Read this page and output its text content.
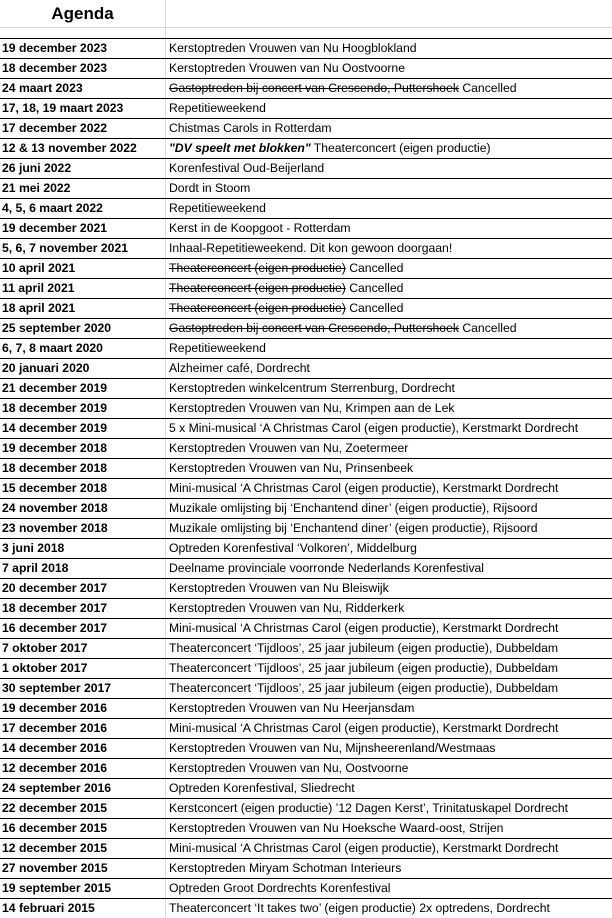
Agenda
19 december 2023	Kerstoptreden Vrouwen van Nu Hoogblokland
18 december 2023	Kerstoptreden Vrouwen van Nu Oostvoorne
24 maart 2023	Gastoptreden bij concert van Crescendo, Puttershoek Cancelled
17, 18, 19 maart 2023	Repetitieweekend
17 december 2022	Chistmas Carols in Rotterdam
12 & 13 november 2022	"DV speelt met blokken" Theaterconcert (eigen productie)
26 juni 2022	Korenfestival Oud-Beijerland
21 mei 2022	Dordt in Stoom
4, 5, 6 maart 2022	Repetitieweekend
19 december 2021	Kerst in de Koopgoot - Rotterdam
5, 6, 7 november 2021	Inhaal-Repetitieweekend. Dit kon gewoon doorgaan!
10 april 2021	Theaterconcert (eigen productie) Cancelled
11 april 2021	Theaterconcert (eigen productie) Cancelled
18 april 2021	Theaterconcert (eigen productie) Cancelled
25 september 2020	Gastoptreden bij concert van Crescendo, Puttershoek Cancelled
6, 7, 8 maart 2020	Repetitieweekend
20 januari 2020	Alzheimer café, Dordrecht
21 december 2019	Kerstoptreden winkelcentrum Sterrenburg, Dordrecht
18 december 2019	Kerstoptreden Vrouwen van Nu, Krimpen aan de Lek
14 december 2019	5 x Mini-musical ‘A Christmas Carol (eigen productie), Kerstmarkt Dordrecht
19 december 2018	Kerstoptreden Vrouwen van Nu, Zoetermeer
18 december 2018	Kerstoptreden Vrouwen van Nu, Prinsenbeek
15 december 2018	Mini-musical ‘A Christmas Carol (eigen productie), Kerstmarkt Dordrecht
24 november 2018	Muzikale omlijsting bij ‘Enchantend diner’ (eigen productie), Rijsoord
23 november 2018	Muzikale omlijsting bij ‘Enchantend diner’ (eigen productie), Rijsoord
3 juni 2018	Optreden Korenfestival ‘Volkoren’, Middelburg
7 april 2018	Deelname provinciale voorronde Nederlands Korenfestival
20 december 2017	Kerstoptreden Vrouwen van Nu Bleiswijk
18 december 2017	Kerstoptreden Vrouwen van Nu, Ridderkerk
16 december 2017	Mini-musical ‘A Christmas Carol (eigen productie), Kerstmarkt Dordrecht
7 oktober 2017	Theaterconcert ‘Tijdloos’, 25 jaar jubileum (eigen productie), Dubbeldam
1 oktober 2017	Theaterconcert ‘Tijdloos’, 25 jaar jubileum (eigen productie), Dubbeldam
30 september 2017	Theaterconcert ‘Tijdloos’, 25 jaar jubileum (eigen productie), Dubbeldam
19 december 2016	Kerstoptreden Vrouwen van Nu Heerjansdam
17 december 2016	Mini-musical ‘A Christmas Carol (eigen productie), Kerstmarkt Dordrecht
14 december 2016	Kerstoptreden Vrouwen van Nu, Mijnsheerenland/Westmaas
12 december 2016	Kerstoptreden Vrouwen van Nu, Oostvoorne
24 september 2016	Optreden Korenfestival, Sliedrecht
22 december 2015	Kerstconcert (eigen productie) ’12 Dagen Kerst’, Trinitatuskapel Dordrecht
16 december 2015	Kerstoptreden Vrouwen van Nu Hoeksche Waard-oost, Strijen
12 december 2015	Mini-musical ‘A Christmas Carol (eigen productie), Kerstmarkt Dordrecht
27 november 2015	Kerstoptreden Miryam Schotman Interieurs
19 september 2015	Optreden Groot Dordrechts Korenfestival
14 februari 2015	Theaterconcert ‘It takes two’ (eigen productie) 2x optredens, Dordrecht
